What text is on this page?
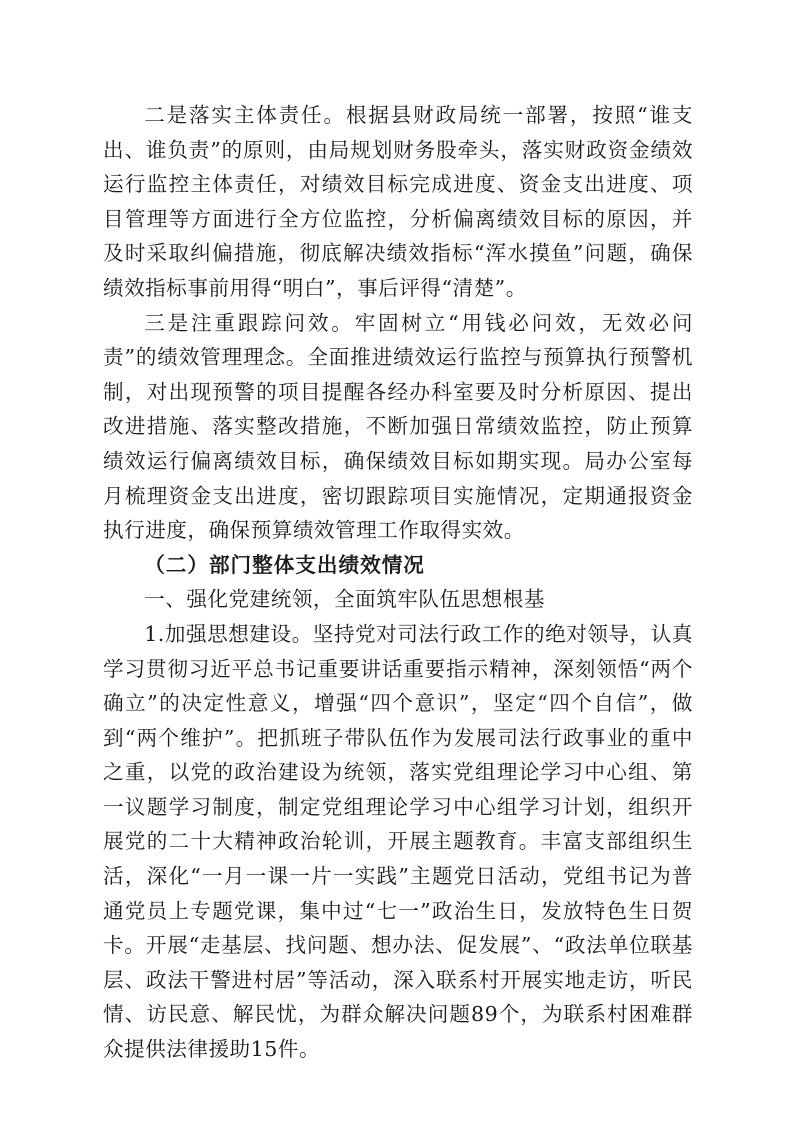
二是落实主体责任。根据县财政局统一部署，按照“谁支出、谁负责”的原则，由局规划财务股牵头，落实财政资金绩效运行监控主体责任，对绩效目标完成进度、资金支出进度、项目管理等方面进行全方位监控，分析偏离绩效目标的原因，并及时采取纠偏措施，彻底解决绩效指标“浑水摸鱼”问题，确保绩效指标事前用得“明白”，事后评得“清楚”。

三是注重跟踪问效。牢固树立“用钱必问效，无效必问责”的绩效管理理念。全面推进绩效运行监控与预算执行预警机制，对出现预警的项目提醒各经办科室要及时分析原因、提出改进措施、落实整改措施，不断加强日常绩效监控，防止预算绩效运行偏离绩效目标，确保绩效目标如期实现。局办公室每月梳理资金支出进度，密切跟踪项目实施情况，定期通报资金执行进度，确保预算绩效管理工作取得实效。

（二）部门整体支出绩效情况

一、强化党建统领，全面筑牢队伍思想根基

1.加强思想建设。坚持党对司法行政工作的绝对领导，认真学习贯彻习近平总书记重要讲话重要指示精神，深刻领悟“两个确立”的决定性意义，增强“四个意识”，坚定“四个自信”，做到“两个维护”。把抓班子带队伍作为发展司法行政事业的重中之重，以党的政治建设为统领，落实党组理论学习中心组、第一议题学习制度，制定党组理论学习中心组学习计划，组织开展党的二十大精神政治轮训，开展主题教育。丰富支部组织生活，深化“一月一课一片一实践”主题党日活动，党组书记为普通党员上专题党课，集中过“七一”政治生日，发放特色生日贺卡。开展“走基层、找问题、想办法、促发展”、“政法单位联基层、政法干警进村居”等活动，深入联系村开展实地走访，听民情、访民意、解民忧，为群众解决问题89个，为联系村困难群众提供法律援助15件。
